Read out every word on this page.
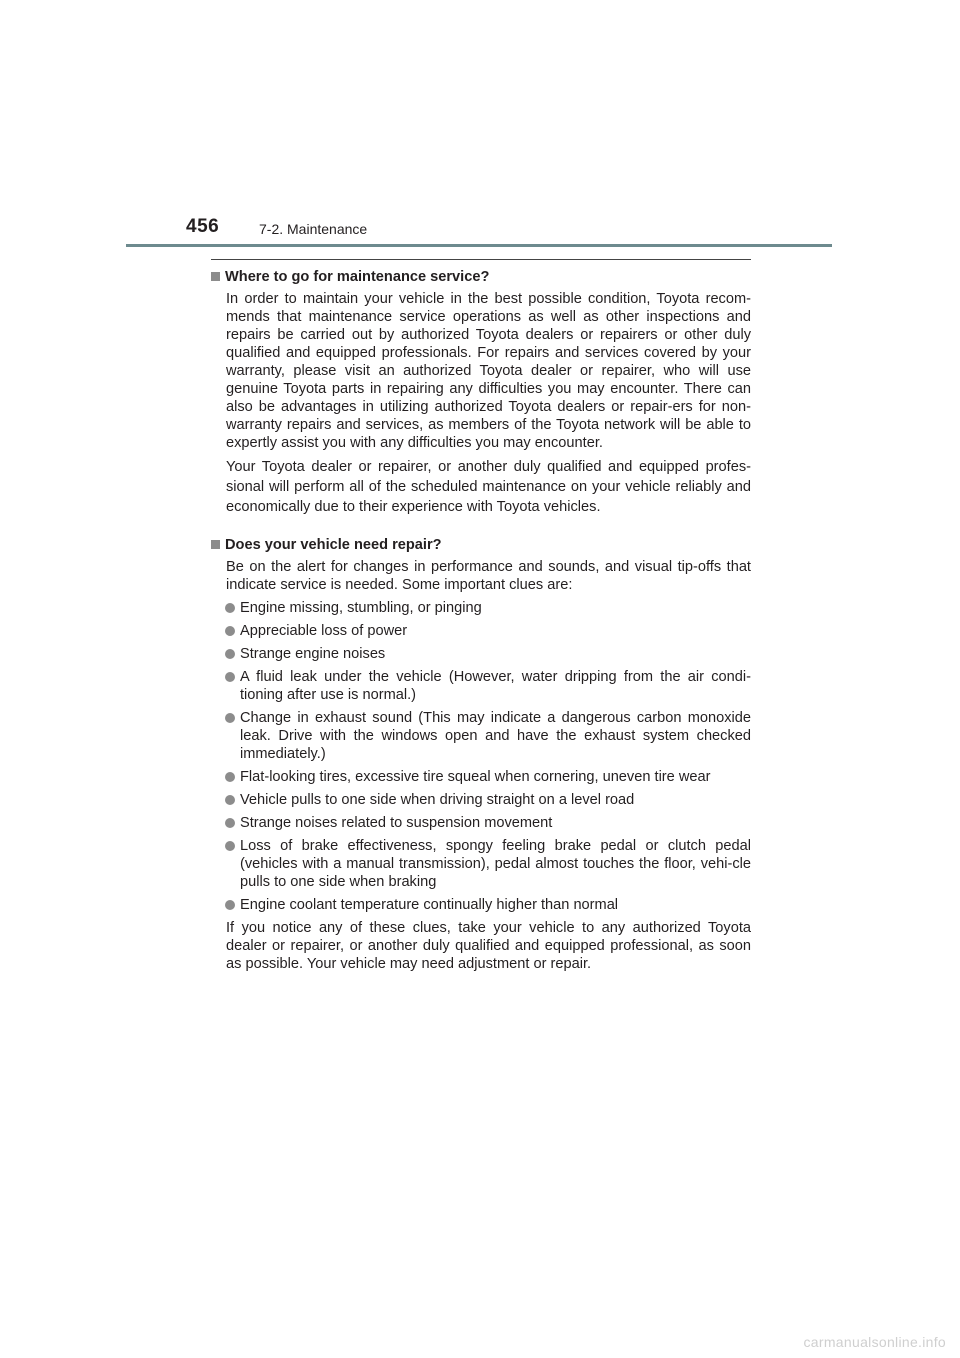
456	7-2. Maintenance
Where to go for maintenance service?
In order to maintain your vehicle in the best possible condition, Toyota recom-mends that maintenance service operations as well as other inspections and repairs be carried out by authorized Toyota dealers or repairers or other duly qualified and equipped professionals. For repairs and services covered by your warranty, please visit an authorized Toyota dealer or repairer, who will use genuine Toyota parts in repairing any difficulties you may encounter. There can also be advantages in utilizing authorized Toyota dealers or repair-ers for non-warranty repairs and services, as members of the Toyota network will be able to expertly assist you with any difficulties you may encounter.
Your Toyota dealer or repairer, or another duly qualified and equipped profes-sional will perform all of the scheduled maintenance on your vehicle reliably and economically due to their experience with Toyota vehicles.
Does your vehicle need repair?
Be on the alert for changes in performance and sounds, and visual tip-offs that indicate service is needed. Some important clues are:
Engine missing, stumbling, or pinging
Appreciable loss of power
Strange engine noises
A fluid leak under the vehicle (However, water dripping from the air condi-tioning after use is normal.)
Change in exhaust sound (This may indicate a dangerous carbon monoxide leak. Drive with the windows open and have the exhaust system checked immediately.)
Flat-looking tires, excessive tire squeal when cornering, uneven tire wear
Vehicle pulls to one side when driving straight on a level road
Strange noises related to suspension movement
Loss of brake effectiveness, spongy feeling brake pedal or clutch pedal (vehicles with a manual transmission), pedal almost touches the floor, vehi-cle pulls to one side when braking
Engine coolant temperature continually higher than normal
If you notice any of these clues, take your vehicle to any authorized Toyota dealer or repairer, or another duly qualified and equipped professional, as soon as possible. Your vehicle may need adjustment or repair.
carmanualsonline.info
